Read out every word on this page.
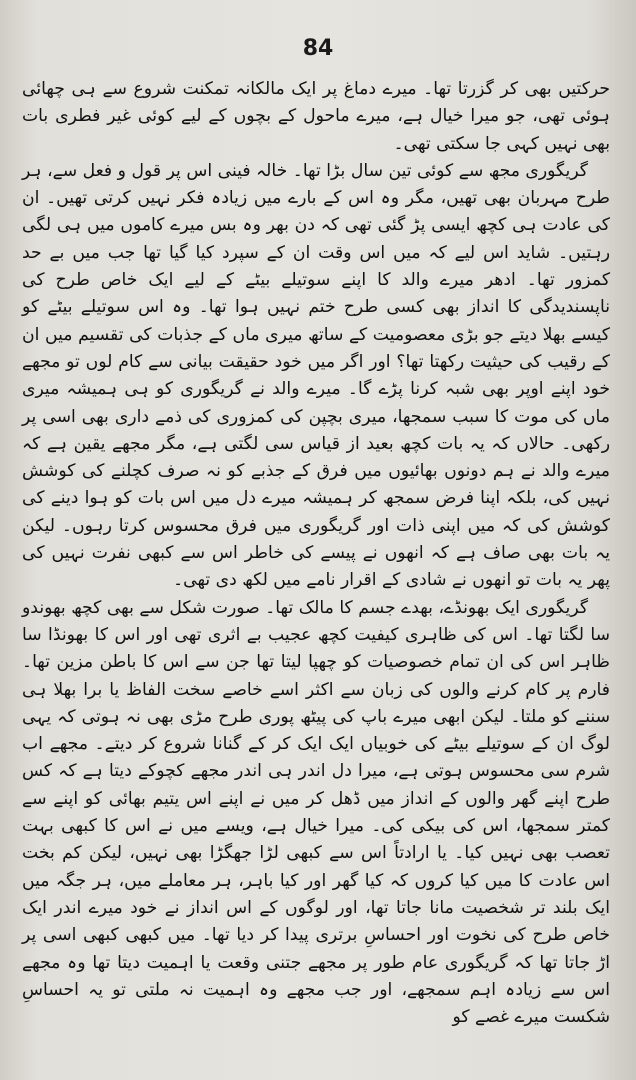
84

حرکتیں بھی کر گزرتا تھا۔ میرے دماغ پر ایک مالکانہ تمکنت شروع سے ہی چھائی ہوئی تھی، جو میرا خیال ہے، میرے ماحول کے بچوں کے لیے کوئی غیر فطری بات بھی نہیں کہی جا سکتی تھی۔

گریگوری مجھ سے کوئی تین سال بڑا تھا۔ خالہ فینی اس پر قول و فعل سے، ہر طرح مہربان بھی تھیں، مگر وہ اس کے بارے میں زیادہ فکر نہیں کرتی تھیں۔ ان کی عادت ہی کچھ ایسی پڑ گئی تھی کہ دن بھر وہ بس میرے کاموں میں ہی لگی رہتیں۔ شاید اس لیے کہ میں اس وقت ان کے سپرد کیا گیا تھا جب میں بے حد کمزور تھا۔ ادھر میرے والد کا اپنے سوتیلے بیٹے کے لیے ایک خاص طرح کی ناپسندیدگی کا انداز بھی کسی طرح ختم نہیں ہوا تھا۔ وہ اس سوتیلے بیٹے کو کیسے بھلا دیتے جو بڑی معصومیت کے ساتھ میری ماں کے جذبات کی تقسیم میں ان کے رقیب کی حیثیت رکھتا تھا؟ اور اگر میں خود حقیقت بیانی سے کام لوں تو مجھے خود اپنے اوپر بھی شبہ کرنا پڑے گا۔ میرے والد نے گریگوری کو ہی ہمیشہ میری ماں کی موت کا سبب سمجھا، میری بچپن کی کمزوری کی ذمے داری بھی اسی پر رکھی۔ حالاں کہ یہ بات کچھ بعید از قیاس سی لگتی ہے، مگر مجھے یقین ہے کہ میرے والد نے ہم دونوں بھائیوں میں فرق کے جذبے کو نہ صرف کچلنے کی کوشش نہیں کی، بلکہ اپنا فرض سمجھ کر ہمیشہ میرے دل میں اس بات کو ہوا دینے کی کوشش کی کہ میں اپنی ذات اور گریگوری میں فرق محسوس کرتا رہوں۔ لیکن یہ بات بھی صاف ہے کہ انھوں نے پیسے کی خاطر اس سے کبھی نفرت نہیں کی پھر یہ بات تو انھوں نے شادی کے اقرار نامے میں لکھ دی تھی۔

گریگوری ایک بھونڈے، بھدے جسم کا مالک تھا۔ صورت شکل سے بھی کچھ بھوندو سا لگتا تھا۔ اس کی ظاہری کیفیت کچھ عجیب بے اثری تھی اور اس کا بھونڈا سا ظاہر اس کی ان تمام خصوصیات کو چھپا لیتا تھا جن سے اس کا باطن مزین تھا۔ فارم پر کام کرنے والوں کی زبان سے اکثر اسے خاصے سخت الفاظ یا برا بھلا ہی سننے کو ملتا۔ لیکن ابھی میرے باپ کی پیٹھ پوری طرح مڑی بھی نہ ہوتی کہ یہی لوگ ان کے سوتیلے بیٹے کی خوبیاں ایک ایک کر کے گنانا شروع کر دیتے۔ مجھے اب شرم سی محسوس ہوتی ہے، میرا دل اندر ہی اندر مجھے کچوکے دیتا ہے کہ کس طرح اپنے گھر والوں کے انداز میں ڈھل کر میں نے اپنے اس یتیم بھائی کو اپنے سے کمتر سمجھا، اس کی بیکی کی۔ میرا خیال ہے، ویسے میں نے اس کا کبھی بہت تعصب بھی نہیں کیا۔ یا ارادتاً اس سے کبھی لڑا جھگڑا بھی نہیں، لیکن کم بخت اس عادت کا میں کیا کروں کہ کیا گھر اور کیا باہر، ہر معاملے میں، ہر جگہ میں ایک بلند تر شخصیت مانا جاتا تھا، اور لوگوں کے اس انداز نے خود میرے اندر ایک خاص طرح کی نخوت اور احساسِ برتری پیدا کر دیا تھا۔ میں کبھی کبھی اسی پر اڑ جاتا تھا کہ گریگوری عام طور پر مجھے جتنی وقعت یا اہمیت دیتا تھا وہ مجھے اس سے زیادہ اہم سمجھے، اور جب مجھے وہ اہمیت نہ ملتی تو یہ احساسِ شکست میرے غصے کو
